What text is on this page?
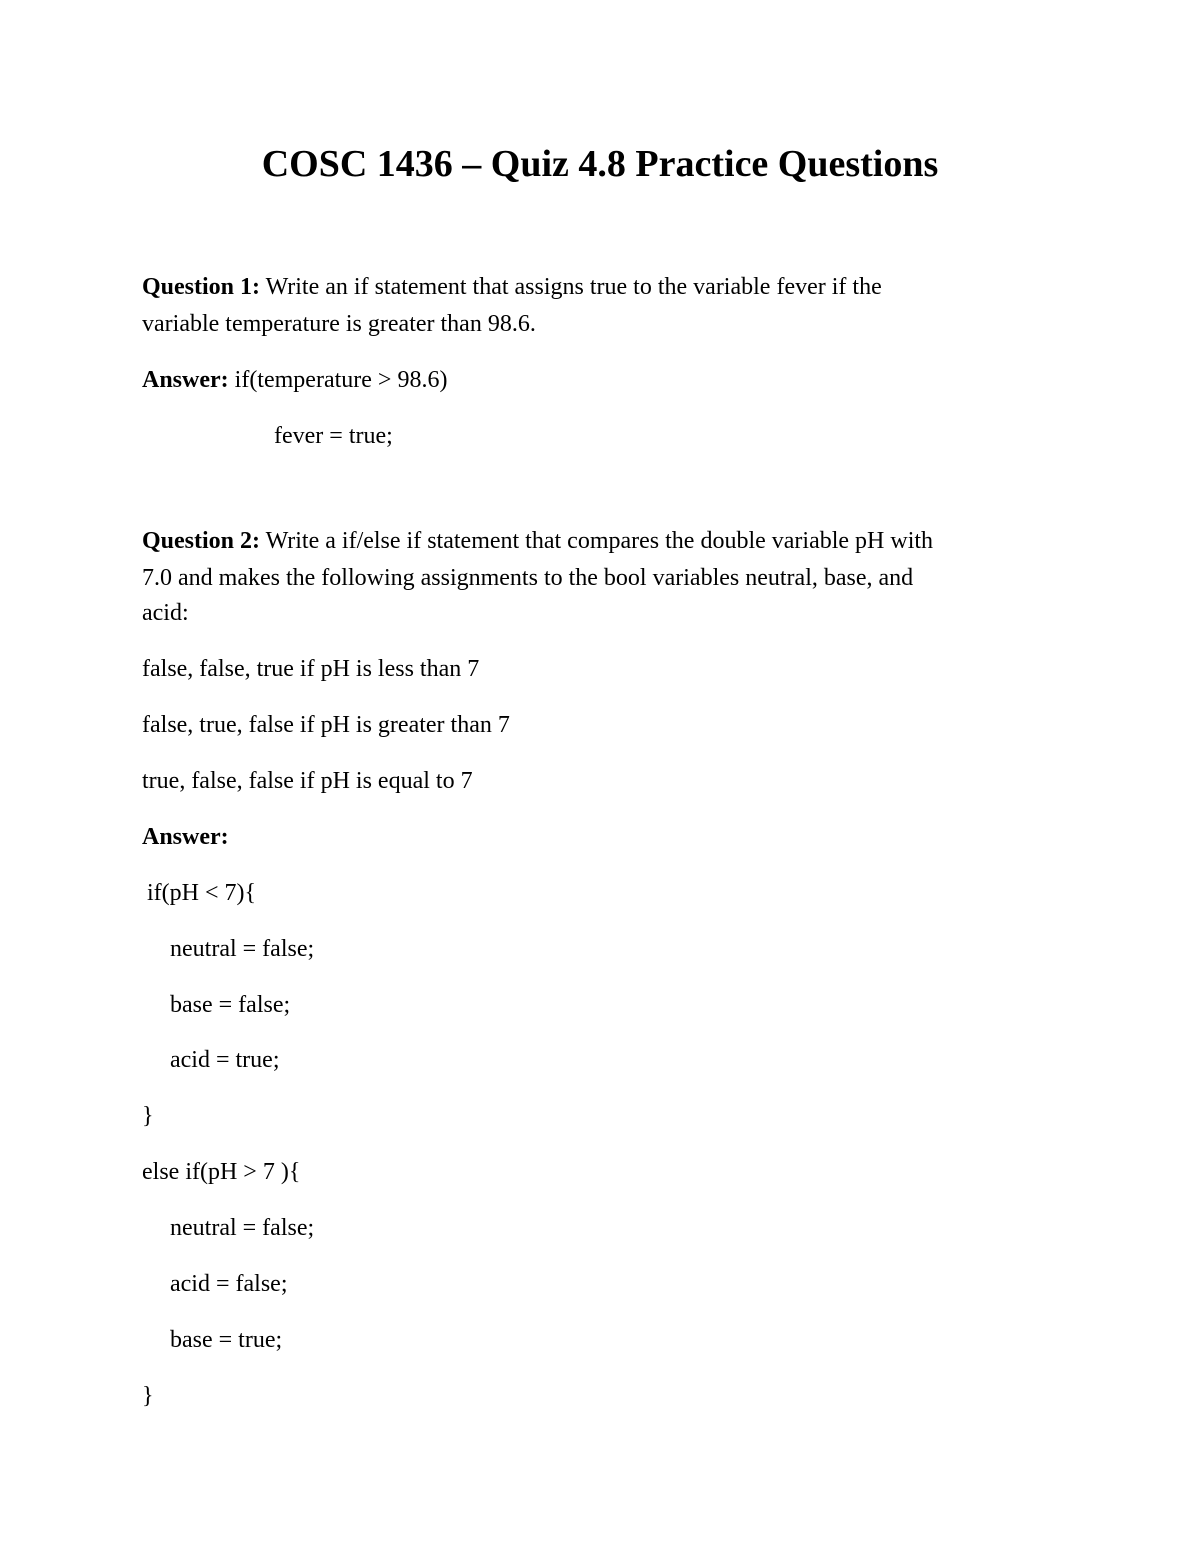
COSC 1436 – Quiz 4.8 Practice Questions

Question 1: Write an if statement that assigns true to the variable fever if the

variable temperature is greater than 98.6.

Answer: if(temperature > 98.6)

fever = true;

Question 2: Write a if/else if statement that compares the double variable pH with

7.0 and makes the following assignments to the bool variables neutral, base, and

acid:

false, false, true if pH is less than 7

false, true, false if pH is greater than 7

true, false, false if pH is equal to 7

Answer:

if(pH < 7){

neutral = false;

base = false;

acid = true;

}

else if(pH > 7 ){

neutral = false;

acid = false;

base = true;

}
